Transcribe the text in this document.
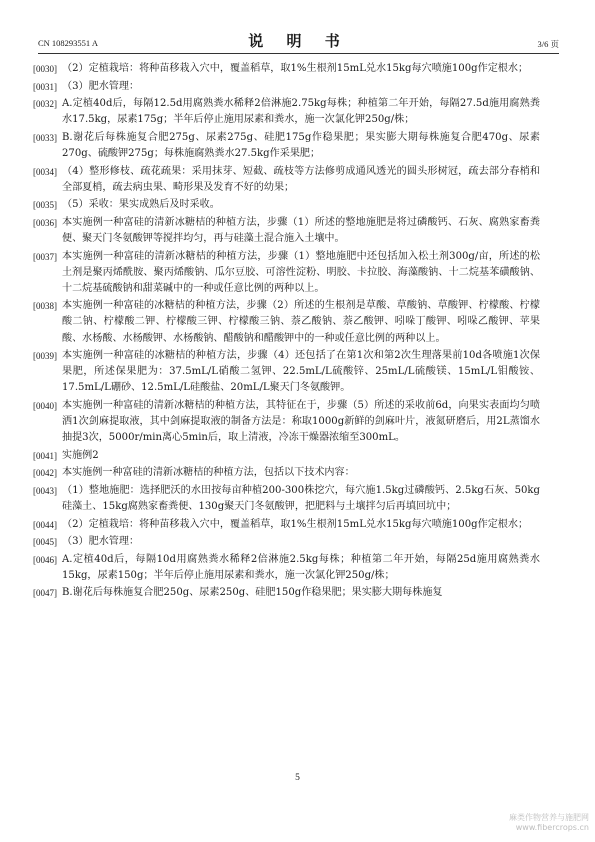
CN 108293551 A	说 明 书	3/6 页
[0030] （2）定植栽培：将种苗移栽入穴中，覆盖稻草，取1%生根剂15mL兑水15kg每穴喷施100g作定根水；
[0031] （3）肥水管理：
[0032] A.定植40d后，每隔12.5d用腐熟粪水稀释2倍淋施2.75kg每株；种植第二年开始，每隔27.5d施用腐熟粪水17.5kg，尿素175g；半年后停止施用尿素和粪水，施一次氯化钾250g/株；
[0033] B.谢花后每株施复合肥275g、尿素275g、硅肥175g作稳果肥；果实膨大期每株施复合肥470g、尿素270g、硫酸钾275g；每株施腐熟粪水27.5kg作采果肥；
[0034] （4）整形修枝、疏花疏果：采用抹芽、短截、疏枝等方法修剪成通风透光的圆头形树冠，疏去部分春梢和全部夏梢，疏去病虫果、畸形果及发育不好的幼果；
[0035] （5）采收：果实成熟后及时采收。
[0036] 本实施例一种富硅的清新冰糖桔的种植方法，步骤（1）所述的整地施肥是将过磷酸钙、石灰、腐熟家畜粪便、聚天门冬氨酸钾等搅拌均匀，再与硅藻土混合施入土壤中。
[0037] 本实施例一种富硅的清新冰糖桔的种植方法，步骤（1）整地施肥中还包括加入松土剂300g/亩，所述的松土剂是聚丙烯酰胺、聚丙烯酸钠、瓜尔豆胶、可溶性淀粉、明胶、卡拉胶、海藻酸钠、十二烷基苯磺酸钠、十二烷基硫酸钠和甜菜碱中的一种或任意比例的两种以上。
[0038] 本实施例一种富硅的冰糖桔的种植方法，步骤（2）所述的生根剂是草酸、草酸钠、草酸钾、柠檬酸、柠檬酸二钠、柠檬酸二钾、柠檬酸三钾、柠檬酸三钠、萘乙酸钠、萘乙酸钾、吲哚丁酸钾、吲哚乙酸钾、苹果酸、水杨酸、水杨酸钾、水杨酸钠、醋酸钠和醋酸钾中的一种或任意比例的两种以上。
[0039] 本实施例一种富硅的冰糖桔的种植方法，步骤（4）还包括了在第1次和第2次生理落果前10d各喷施1次保果肥，所述保果肥为：37.5mL/L硝酸二氢钾、22.5mL/L硫酸锌、25mL/L硫酸镁、15mL/L钼酸铵、17.5mL/L硼砂、12.5mL/L硅酸盐、20mL/L聚天门冬氨酸钾。
[0040] 本实施例一种富硅的清新冰糖桔的种植方法，其特征在于，步骤（5）所述的采收前6d，向果实表面均匀喷洒1次剑麻提取液，其中剑麻提取液的制备方法是：称取1000g新鲜的剑麻叶片，液氮研磨后，用2L蒸馏水抽提3次，5000r/min离心5min后，取上清液，冷冻干燥器浓缩至300mL。
[0041] 实施例2
[0042] 本实施例一种富硅的清新冰糖桔的种植方法，包括以下技术内容：
[0043] （1）整地施肥：选择肥沃的水田按每亩种植200-300株挖穴，每穴施1.5kg过磷酸钙、2.5kg石灰、50kg硅藻土、15kg腐熟家畜粪便、130g聚天门冬氨酸钾，把肥料与土壤拌匀后再填回坑中；
[0044] （2）定植栽培：将种苗移栽入穴中，覆盖稻草，取1%生根剂15mL兑水15kg每穴喷施100g作定根水；
[0045] （3）肥水管理：
[0046] A.定植40d后，每隔10d用腐熟粪水稀释2倍淋施2.5kg每株；种植第二年开始，每隔25d施用腐熟粪水15kg，尿素150g；半年后停止施用尿素和粪水，施一次氯化钾250g/株；
[0047] B.谢花后每株施复合肥250g、尿素250g、硅肥150g作稳果肥；果实膨大期每株施复
5
麻类作物营养与施肥网
www.fibercrops.cn
